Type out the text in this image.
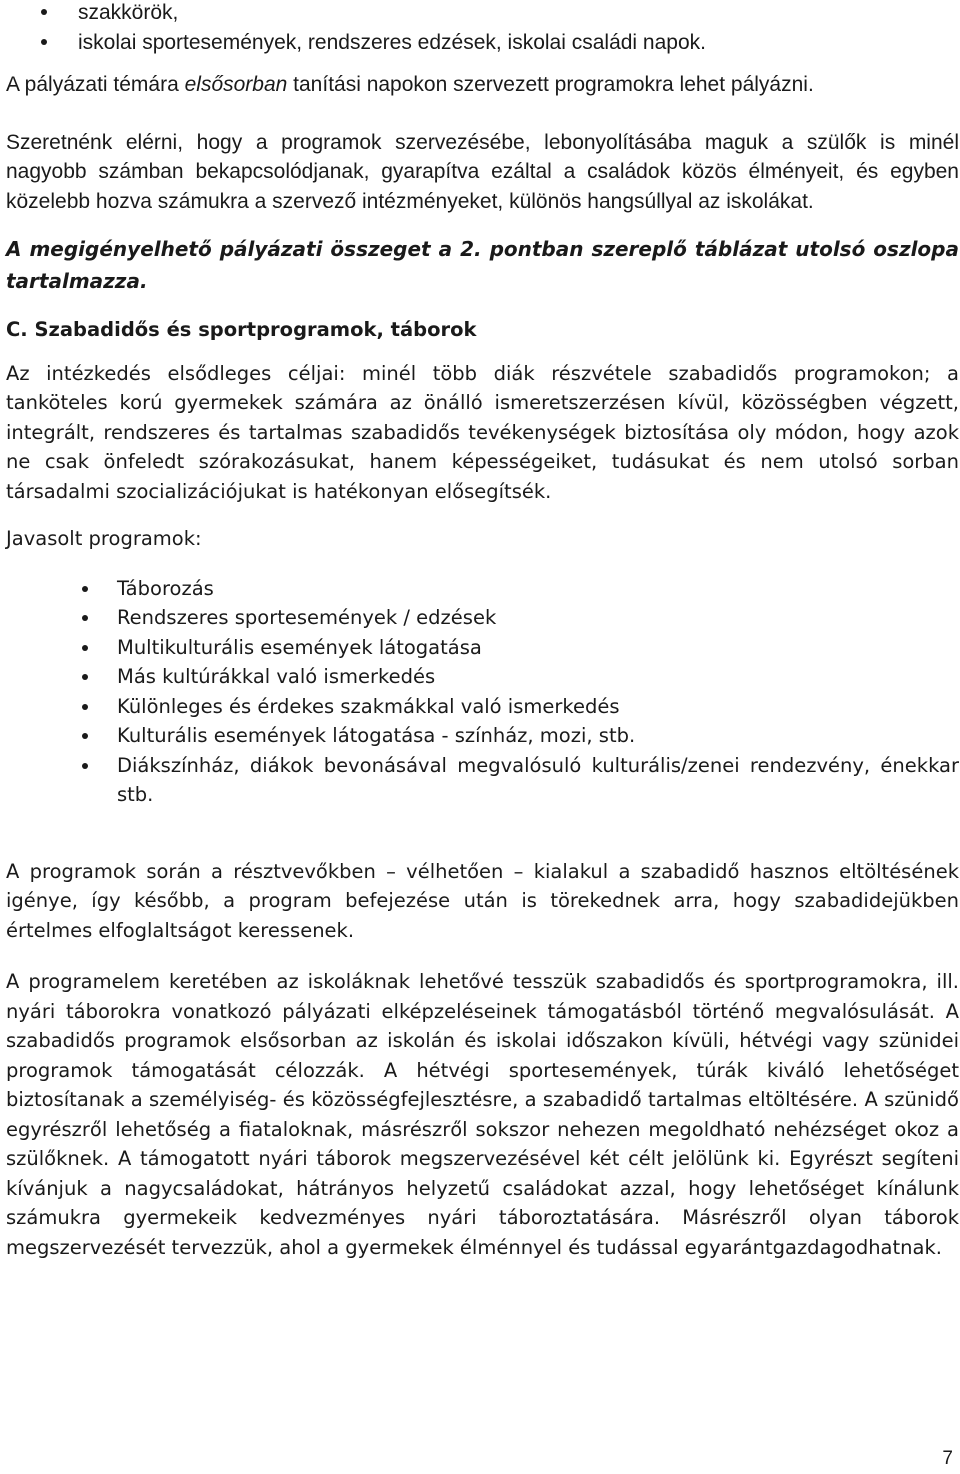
szakkörök,
iskolai sportesemények, rendszeres edzések, iskolai családi napok.

A pályázati témára elsősorban tanítási napokon szervezett programokra lehet pályázni.

Szeretnénk elérni, hogy a programok szervezésébe, lebonyolításába maguk a szülők is minél nagyobb számban bekapcsolódjanak, gyarapítva ezáltal a családok közös élményeit, és egyben közelebb hozva számukra a szervező intézményeket, különös hangsúllyal az iskolákat.

A megigényelhető pályázati összeget a 2. pontban szereplő táblázat utolsó oszlopa tartalmazza.

C. Szabadidős és sportprogramok, táborok

Az intézkedés elsődleges céljai: minél több diák részvétele szabadidős programokon; a tanköteles korú gyermekek számára az önálló ismeretszerzésen kívül, közösségben végzett, integrált, rendszeres és tartalmas szabadidős tevékenységek biztosítása oly módon, hogy azok ne csak önfeledt szórakozásukat, hanem képességeiket, tudásukat és nem utolsó sorban társadalmi szocializációjukat is hatékonyan elősegítsék.

Javasolt programok:

Táborozás
Rendszeres sportesemények / edzések
Multikulturális események látogatása
Más kultúrákkal való ismerkedés
Különleges és érdekes szakmákkal való ismerkedés
Kulturális események látogatása - színház, mozi, stb.
Diákszínház, diákok bevonásával megvalósuló kulturális/zenei rendezvény, énekkar stb.

A programok során a résztvevőkben – vélhetően – kialakul a szabadidő hasznos eltöltésének igénye, így később, a program befejezése után is törekednek arra, hogy szabadidejükben értelmes elfoglaltságot keressenek.

A programelem keretében az iskoláknak lehetővé tesszük szabadidős és sportprogramokra, ill. nyári táborokra vonatkozó pályázati elképzeléseinek támogatásból történő megvalósulását. A szabadidős programok elsősorban az iskolán és iskolai időszakon kívüli, hétvégi vagy szünidei programok támogatását célozzák. A hétvégi sportesemények, túrák kiváló lehetőséget biztosítanak a személyiség- és közösségfejlesztésre, a szabadidő tartalmas eltöltésére. A szünidő egyrészről lehetőség a fiataloknak, másrészről sokszor nehezen megoldható nehézséget okoz a szülőknek. A támogatott nyári táborok megszervezésével két célt jelölünk ki. Egyrészt segíteni kívánjuk a nagycsaládokat, hátrányos helyzetű családokat azzal, hogy lehetőséget kínálunk számukra gyermekeik kedvezményes nyári táboroztatására. Másrészről olyan táborok megszervezését tervezzük, ahol a gyermekek élménnyel és tudással egyarántgazdagodhatnak.

7
